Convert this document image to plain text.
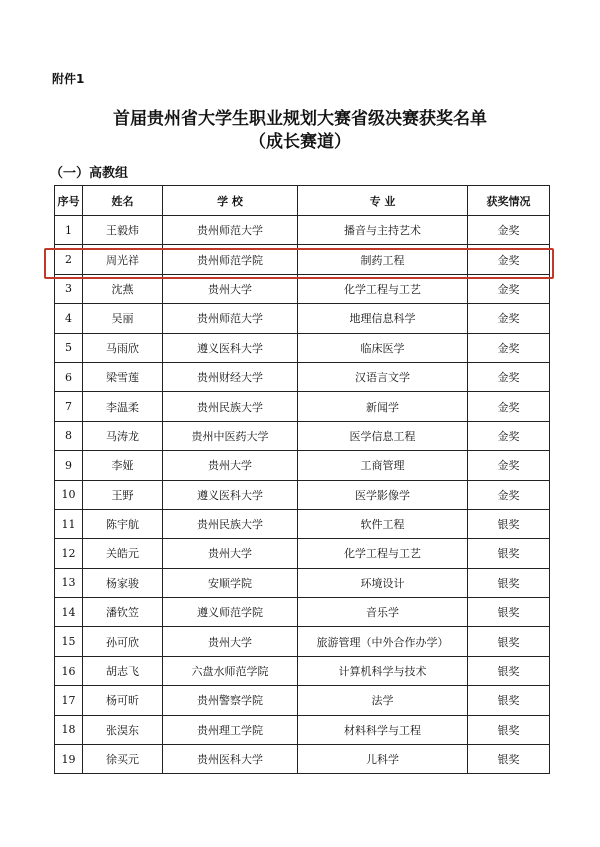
附件1
首届贵州省大学生职业规划大赛省级决赛获奖名单
（成长赛道）
（一）高教组
序号	姓名	学 校	专 业	获奖情况
1	王毅炜	贵州师范大学	播音与主持艺术	金奖
2	周光祥	贵州师范学院	制药工程	金奖
3	沈燕	贵州大学	化学工程与工艺	金奖
4	吴丽	贵州师范大学	地理信息科学	金奖
5	马雨欣	遵义医科大学	临床医学	金奖
6	梁雪莲	贵州财经大学	汉语言文学	金奖
7	李温柔	贵州民族大学	新闻学	金奖
8	马涛龙	贵州中医药大学	医学信息工程	金奖
9	李娅	贵州大学	工商管理	金奖
10	王野	遵义医科大学	医学影像学	金奖
11	陈宇航	贵州民族大学	软件工程	银奖
12	关皓元	贵州大学	化学工程与工艺	银奖
13	杨家骏	安顺学院	环境设计	银奖
14	潘钦笠	遵义师范学院	音乐学	银奖
15	孙可欣	贵州大学	旅游管理（中外合作办学）	银奖
16	胡志飞	六盘水师范学院	计算机科学与技术	银奖
17	杨可昕	贵州警察学院	法学	银奖
18	张淏东	贵州理工学院	材料科学与工程	银奖
19	徐买元	贵州医科大学	儿科学	银奖
